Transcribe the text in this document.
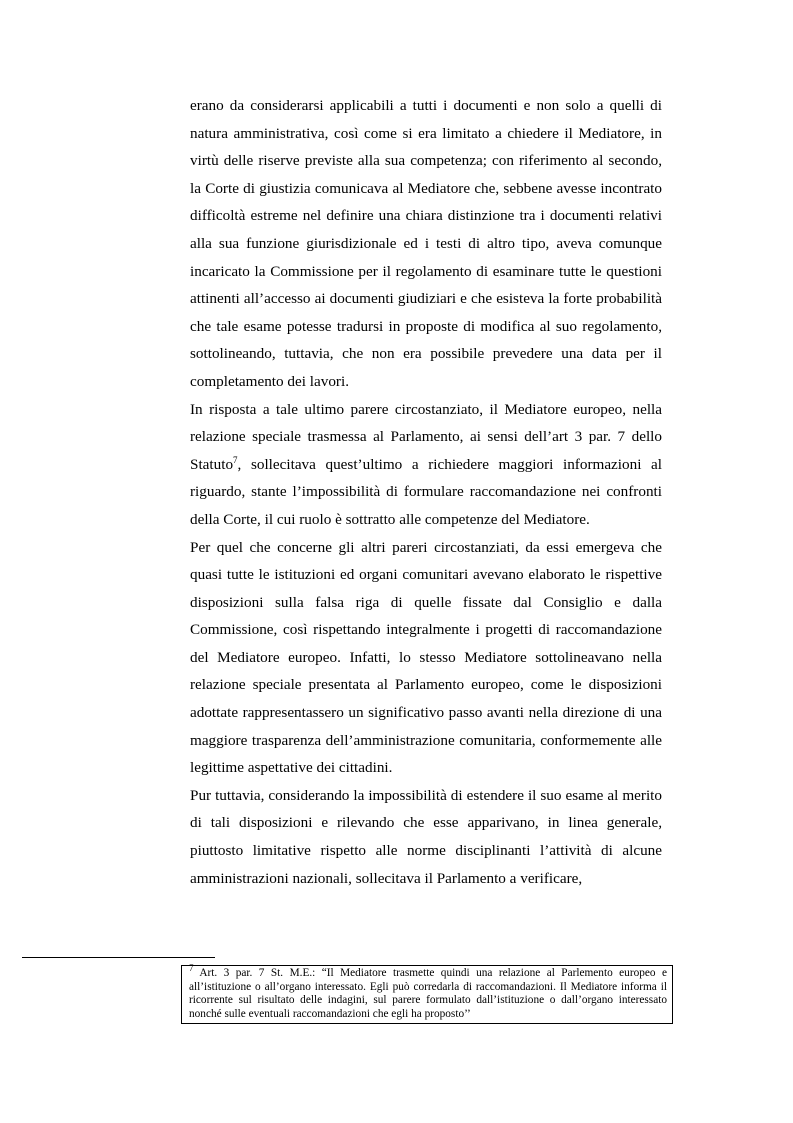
erano da considerarsi applicabili a tutti i documenti e non solo a quelli di natura amministrativa, così come si era limitato a chiedere il Mediatore, in virtù delle riserve previste alla sua competenza; con riferimento al secondo, la Corte di giustizia comunicava al Mediatore che, sebbene avesse incontrato difficoltà estreme nel definire una chiara distinzione tra i documenti relativi alla sua funzione giurisdizionale ed i testi di altro tipo, aveva comunque incaricato la Commissione per il regolamento di esaminare tutte le questioni attinenti all’accesso ai documenti giudiziari e che esisteva la forte probabilità che tale esame potesse tradursi in proposte di modifica al suo regolamento, sottolineando, tuttavia, che non era possibile prevedere una data per il completamento dei lavori.

In risposta a tale ultimo parere circostanziato, il Mediatore europeo, nella relazione speciale trasmessa al Parlamento, ai sensi dell’art 3 par. 7 dello Statuto$^7$, sollecitava quest’ultimo a richiedere maggiori informazioni al riguardo, stante l’impossibilità di formulare raccomandazione nei confronti della Corte, il cui ruolo è sottratto alle competenze del Mediatore.

Per quel che concerne gli altri pareri circostanziati, da essi emergeva che quasi tutte le istituzioni ed organi comunitari avevano elaborato le rispettive disposizioni sulla falsa riga di quelle fissate dal Consiglio e dalla Commissione, così rispettando integralmente i progetti di raccomandazione del Mediatore europeo. Infatti, lo stesso Mediatore sottolineavano nella relazione speciale presentata al Parlamento europeo, come le disposizioni adottate rappresentassero un significativo passo avanti nella direzione di una maggiore trasparenza dell’amministrazione comunitaria, conformemente alle legittime aspettative dei cittadini.

Pur tuttavia, considerando la impossibilità di estendere il suo esame al merito di tali disposizioni e rilevando che esse apparivano, in linea generale, piuttosto limitative rispetto alle norme disciplinanti l’attività di alcune amministrazioni nazionali, sollecitava il Parlamento a verificare,

$^7$ Art. 3 par. 7 St. M.E.: “Il Mediatore trasmette quindi una relazione al Parlemento europeo e all’istituzione o all’organo interessato. Egli può corredarla di raccomandazioni. Il Mediatore informa il ricorrente sul risultato delle indagini, sul parere formulato dall’istituzione o dall’organo interessato nonché sulle eventuali raccomandazioni che egli ha proposto’’
